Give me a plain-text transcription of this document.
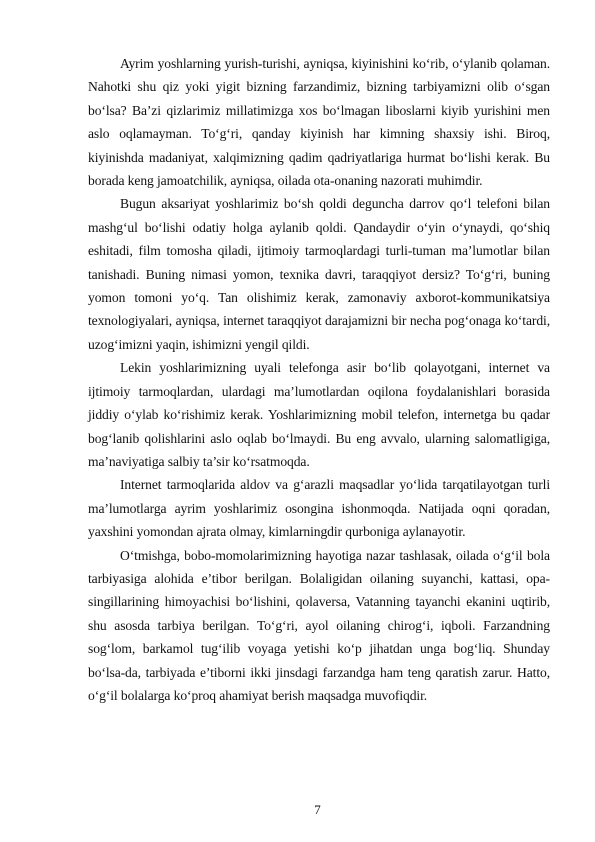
Ayrim yoshlarning yurish-turishi, ayniqsa, kiyinishini ko‘rib, o‘ylanib qolaman. Nahotki shu qiz yoki yigit bizning farzandimiz, bizning tarbiyamizni olib o‘sgan bo‘lsa? Ba’zi qizlarimiz millatimizga xos bo‘lmagan liboslarni kiyib yurishini men aslo oqlamayman. To‘g‘ri, qanday kiyinish har kimning shaxsiy ishi. Biroq, kiyinishda madaniyat, xalqimizning qadim qadriyatlariga hurmat bo‘lishi kerak. Bu borada keng jamoatchilik, ayniqsa, oilada ota-onaning nazorati muhimdir.

Bugun aksariyat yoshlarimiz bo‘sh qoldi deguncha darrov qo‘l telefoni bilan mashg‘ul bo‘lishi odatiy holga aylanib qoldi. Qandaydir o‘yin o‘ynaydi, qo‘shiq eshitadi, film tomosha qiladi, ijtimoiy tarmoqlardagi turli-tuman ma’lumotlar bilan tanishadi. Buning nimasi yomon, texnika davri, taraqqiyot dersiz? To‘g‘ri, buning yomon tomoni yo‘q. Tan olishimiz kerak, zamonaviy axborot-kommunikatsiya texnologiyalari, ayniqsa, internet taraqqiyot darajamizni bir necha pog‘onaga ko‘tardi, uzog‘imizni yaqin, ishimizni yengil qildi.

Lekin yoshlarimizning uyali telefonga asir bo‘lib qolayotgani, internet va ijtimoiy tarmoqlardan, ulardagi ma’lumotlardan oqilona foydalanishlari borasida jiddiy o‘ylab ko‘rishimiz kerak. Yoshlarimizning mobil telefon, internetga bu qadar bog‘lanib qolishlarini aslo oqlab bo‘lmaydi. Bu eng avvalo, ularning salomatligiga, ma’naviyatiga salbiy ta’sir ko‘rsatmoqda.

Internet tarmoqlarida aldov va g‘arazli maqsadlar yo‘lida tarqatilayotgan turli ma’lumotlarga ayrim yoshlarimiz osongina ishonmoqda. Natijada oqni qoradan, yaxshini yomondan ajrata olmay, kimlarningdir qurboniga aylanayotir.

O‘tmishga, bobo-momolarimizning hayotiga nazar tashlasak, oilada o‘g‘il bola tarbiyasiga alohida e’tibor berilgan. Bolaligidan oilaning suyanchi, kattasi, opa-singillarining himoyachisi bo‘lishini, qolaversa, Vatanning tayanchi ekanini uqtirib, shu asosda tarbiya berilgan. To‘g‘ri, ayol oilaning chirog‘i, iqboli. Farzandning sog‘lom, barkamol tug‘ilib voyaga yetishi ko‘p jihatdan unga bog‘liq. Shunday bo‘lsa-da, tarbiyada e’tiborni ikki jinsdagi farzandga ham teng qaratish zarur. Hatto, o‘g‘il bolalarga ko‘proq ahamiyat berish maqsadga muvofiqdir.

7
